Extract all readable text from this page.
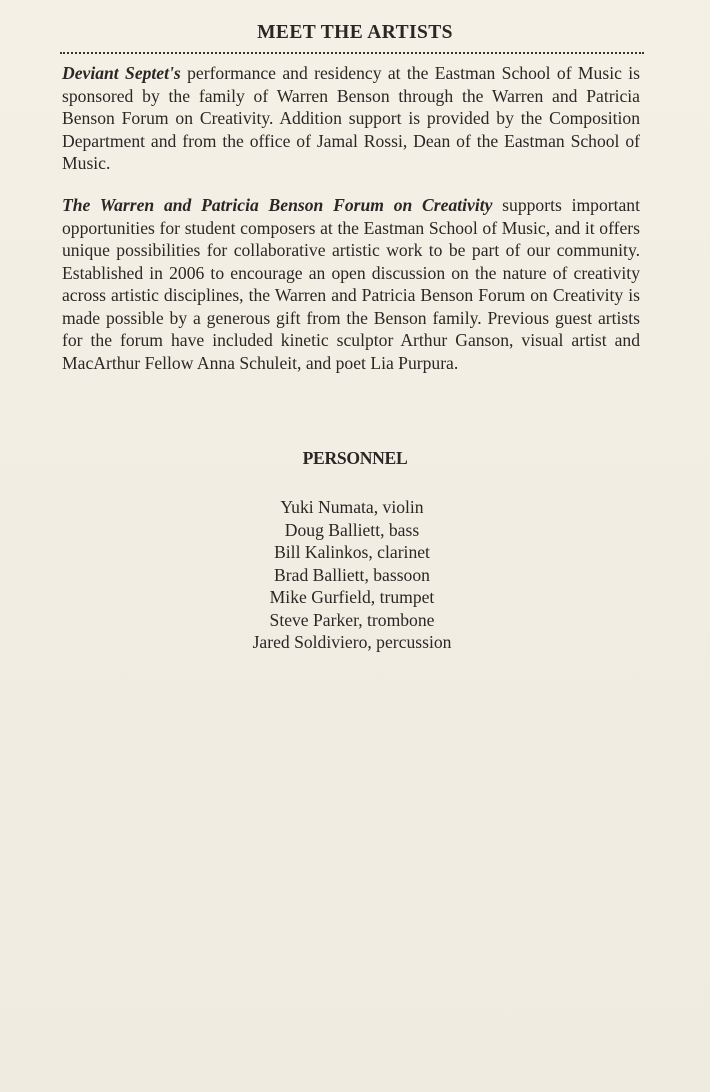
MEET THE ARTISTS

Deviant Septet's performance and residency at the Eastman School of Music is sponsored by the family of Warren Benson through the Warren and Patricia Benson Forum on Creativity. Addition support is provided by the Composition Department and from the office of Jamal Rossi, Dean of the Eastman School of Music.

The Warren and Patricia Benson Forum on Creativity supports important opportunities for student composers at the Eastman School of Music, and it offers unique possibilities for collaborative artistic work to be part of our community. Established in 2006 to encourage an open discussion on the nature of creativity across artistic disciplines, the Warren and Patricia Benson Forum on Creativity is made possible by a generous gift from the Benson family. Previous guest artists for the forum have included kinetic sculptor Arthur Ganson, visual artist and MacArthur Fellow Anna Schuleit, and poet Lia Purpura.

PERSONNEL
Yuki Numata, violin
Doug Balliett, bass
Bill Kalinkos, clarinet
Brad Balliett, bassoon
Mike Gurfield, trumpet
Steve Parker, trombone
Jared Soldiviero, percussion
